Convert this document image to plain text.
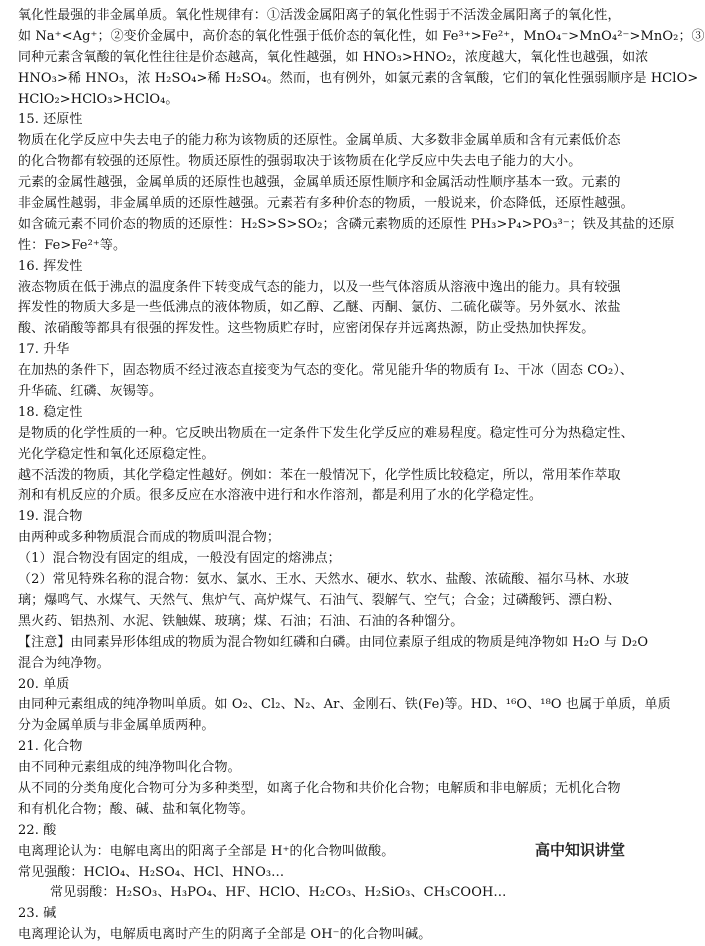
氧化性最强的非金属单质。氧化性规律有：①活泼金属阳离子的氧化性弱于不活泼金属阳离子的氧化性，
如 Na⁺<Ag⁺；②变价金属中，高价态的氧化性强于低价态的氧化性，如 Fe³⁺>Fe²⁺，MnO₄⁻>MnO₄²⁻>MnO₂；③
同种元素含氧酸的氧化性往往是价态越高，氧化性越强，如 HNO₃>HNO₂，浓度越大，氧化性也越强，如浓
HNO₃>稀 HNO₃，浓 H₂SO₄>稀 H₂SO₄。然而，也有例外，如氯元素的含氧酸，它们的氧化性强弱顺序是 HClO>
HClO₂>HClO₃>HClO₄。
15. 还原性
物质在化学反应中失去电子的能力称为该物质的还原性。金属单质、大多数非金属单质和含有元素低价态
的化合物都有较强的还原性。物质还原性的强弱取决于该物质在化学反应中失去电子能力的大小。
元素的金属性越强，金属单质的还原性也越强，金属单质还原性顺序和金属活动性顺序基本一致。元素的
非金属性越弱，非金属单质的还原性越强。元素若有多种价态的物质，一般说来，价态降低，还原性越强。
如含硫元素不同价态的物质的还原性：H₂S>S>SO₂；含磷元素物质的还原性 PH₃>P₄>PO₃³⁻；铁及其盐的还原
性：Fe>Fe²⁺等。
16. 挥发性
液态物质在低于沸点的温度条件下转变成气态的能力，以及一些气体溶质从溶液中逸出的能力。具有较强
挥发性的物质大多是一些低沸点的液体物质，如乙醇、乙醚、丙酮、氯仿、二硫化碳等。另外氨水、浓盐
酸、浓硝酸等都具有很强的挥发性。这些物质贮存时，应密闭保存并远离热源，防止受热加快挥发。
17. 升华
在加热的条件下，固态物质不经过液态直接变为气态的变化。常见能升华的物质有 I₂、干冰（固态 CO₂）、
升华硫、红磷、灰锡等。
18. 稳定性
是物质的化学性质的一种。它反映出物质在一定条件下发生化学反应的难易程度。稳定性可分为热稳定性、
光化学稳定性和氧化还原稳定性。
越不活泼的物质，其化学稳定性越好。例如：苯在一般情况下，化学性质比较稳定，所以，常用苯作萃取
剂和有机反应的介质。很多反应在水溶液中进行和水作溶剂，都是利用了水的化学稳定性。
19. 混合物
由两种或多种物质混合而成的物质叫混合物；
（1）混合物没有固定的组成，一般没有固定的熔沸点；
（2）常见特殊名称的混合物：氨水、氯水、王水、天然水、硬水、软水、盐酸、浓硫酸、福尔马林、水玻
璃；爆鸣气、水煤气、天然气、焦炉气、高炉煤气、石油气、裂解气、空气；合金；过磷酸钙、漂白粉、
黑火药、铝热剂、水泥、铁触媒、玻璃；煤、石油；石油、石油的各种馏分。
【注意】由同素异形体组成的物质为混合物如红磷和白磷。由同位素原子组成的物质是纯净物如 H₂O 与 D₂O
混合为纯净物。
20. 单质
由同种元素组成的纯净物叫单质。如 O₂、Cl₂、N₂、Ar、金刚石、铁(Fe)等。HD、¹⁶O、¹⁸O 也属于单质，单质
分为金属单质与非金属单质两种。
21. 化合物
由不同种元素组成的纯净物叫化合物。
从不同的分类角度化合物可分为多种类型，如离子化合物和共价化合物；电解质和非电解质；无机化合物
和有机化合物；酸、碱、盐和氧化物等。
22. 酸
电离理论认为：电解电离出的阳离子全部是 H⁺的化合物叫做酸。
常见强酸：HClO₄、H₂SO₄、HCl、HNO₃…
常见弱酸：H₂SO₃、H₃PO₄、HF、HClO、H₂CO₃、H₂SiO₃、CH₃COOH…
23. 碱
电离理论认为，电解质电离时产生的阴离子全部是 OH⁻的化合物叫碱。
高中知识讲堂
